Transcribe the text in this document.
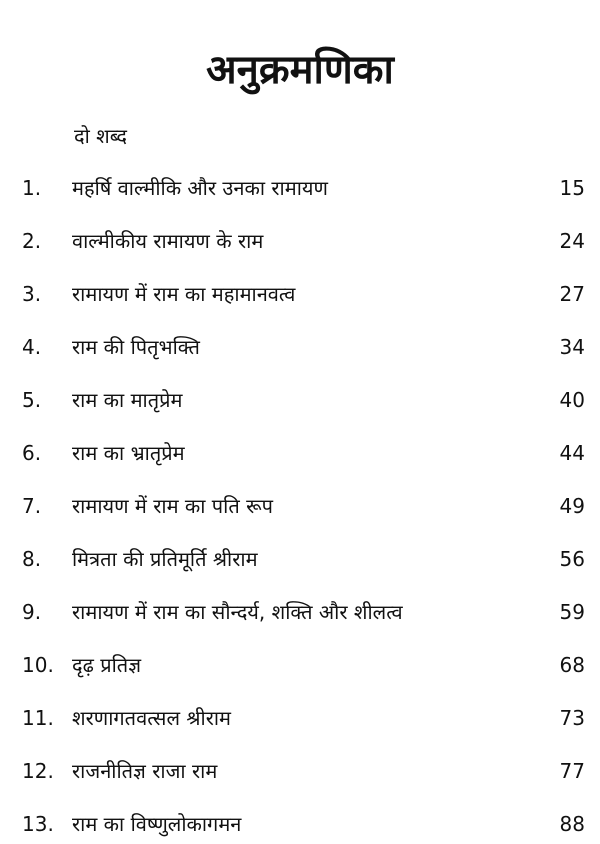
अनुक्रमणिका
दो शब्द
1. महर्षि वाल्मीकि और उनका रामायण	15
2. वाल्मीकीय रामायण के राम	24
3. रामायण में राम का महामानवत्व	27
4. राम की पितृभक्ति	34
5. राम का मातृप्रेम	40
6. राम का भ्रातृप्रेम	44
7. रामायण में राम का पति रूप	49
8. मित्रता की प्रतिमूर्ति श्रीराम	56
9. रामायण में राम का सौन्दर्य, शक्ति और शीलत्व	59
10. दृढ़ प्रतिज्ञ	68
11. शरणागतवत्सल श्रीराम	73
12. राजनीतिज्ञ राजा राम	77
13. राम का विष्णुलोकागमन	88
